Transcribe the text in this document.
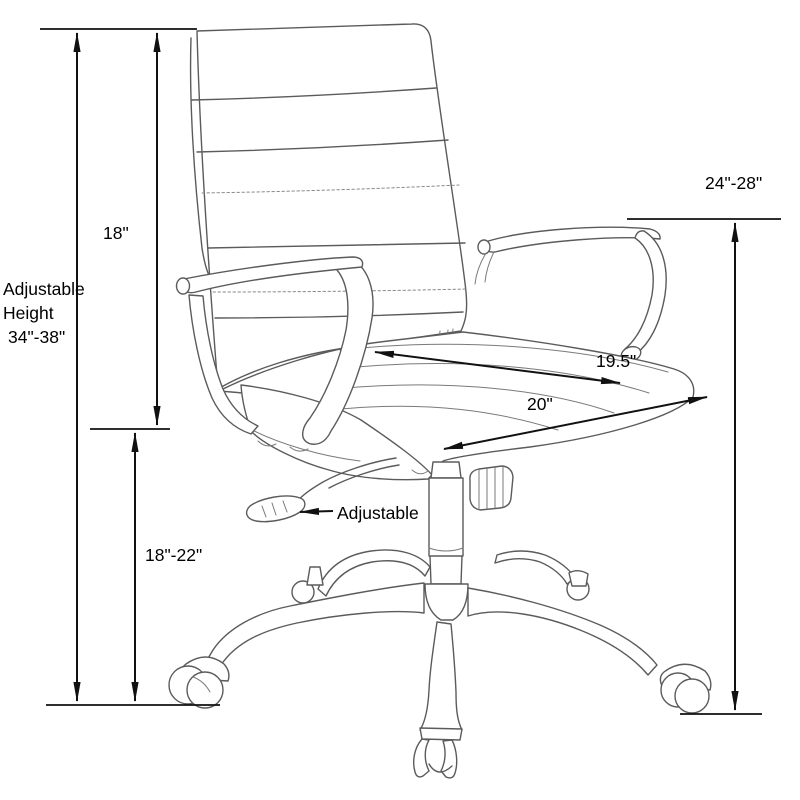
Adjustable
Height
34"-38"
18"
24"-28"
19.5"
20"
18"-22"
Adjustable
